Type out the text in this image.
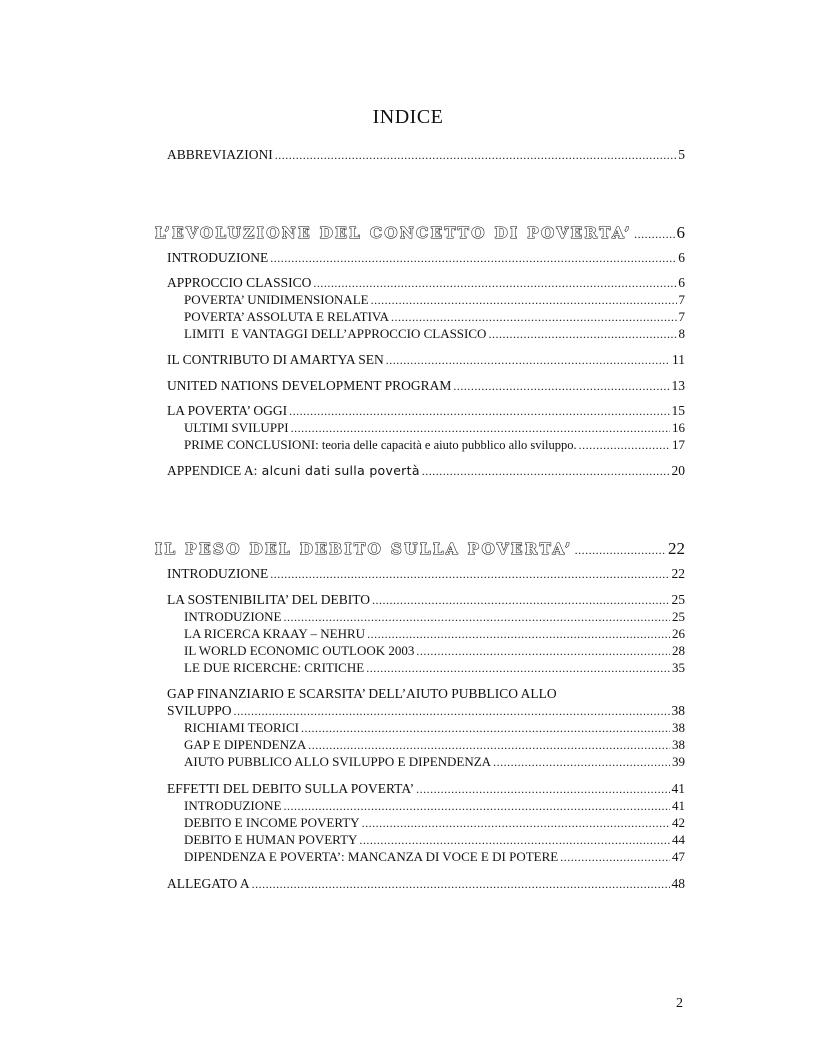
INDICE
ABBREVIAZIONI .....	5
L’EVOLUZIONE DEL CONCETTO DI POVERTA’ .....	6
INTRODUZIONE .....	6
APPROCCIO CLASSICO .....	6
POVERTA’ UNIDIMENSIONALE .....	7
POVERTA’ ASSOLUTA E RELATIVA .....	7
LIMITI  E VANTAGGI DELL’APPROCCIO CLASSICO .....	8
IL CONTRIBUTO DI AMARTYA SEN .....	11
UNITED NATIONS DEVELOPMENT PROGRAM .....	13
LA POVERTA’ OGGI .....	15
ULTIMI SVILUPPI .....	16
PRIME CONCLUSIONI: teoria delle capacità e aiuto pubblico allo sviluppo. .....	17
APPENDICE A: alcuni dati sulla povertà .....	20
IL PESO DEL DEBITO SULLA POVERTA’ .....	22
INTRODUZIONE .....	22
LA SOSTENIBILITA’ DEL DEBITO .....	25
INTRODUZIONE .....	25
LA RICERCA KRAAY – NEHRU .....	26
IL WORLD ECONOMIC OUTLOOK 2003 .....	28
LE DUE RICERCHE: CRITICHE .....	35
GAP FINANZIARIO E SCARSITA’ DELL’AIUTO PUBBLICO ALLO
SVILUPPO .....	38
RICHIAMI TEORICI .....	38
GAP E DIPENDENZA .....	38
AIUTO PUBBLICO ALLO SVILUPPO E DIPENDENZA .....	39
EFFETTI DEL DEBITO SULLA POVERTA’ .....	41
INTRODUZIONE .....	41
DEBITO E INCOME POVERTY .....	42
DEBITO E HUMAN POVERTY .....	44
DIPENDENZA E POVERTA’: MANCANZA DI VOCE E DI POTERE .....	47
ALLEGATO A .....	48
2
